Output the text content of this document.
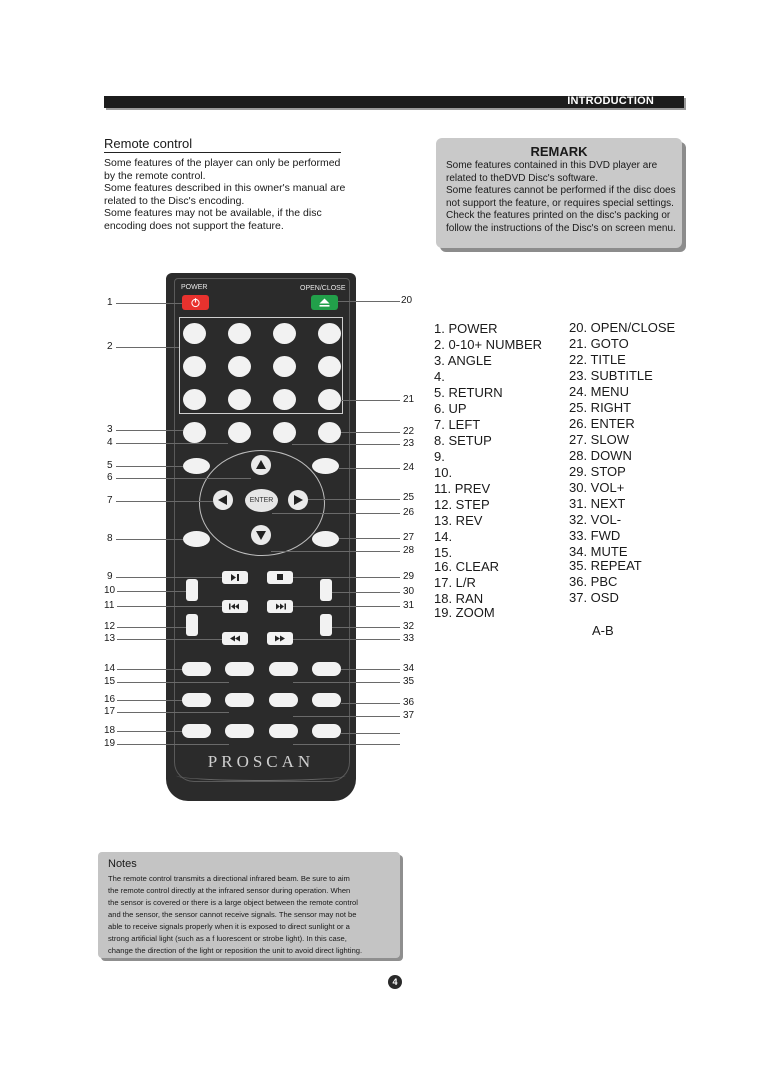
INTRODUCTION
Remote control
Some features of the player can only be performed
by the remote control.
Some features described in this owner's manual are
related to the Disc's encoding.
Some features may not be available, if the disc
encoding does not support the feature.
REMARK
Some features contained in this DVD player are
related to theDVD Disc's software.
Some features cannot be performed if the disc does
not support the feature, or requires special settings.
Check the features printed on the disc's packing or
follow the instructions of the Disc's on screen menu.
POWER	OPEN/CLOSE
ENTER
PROSCAN
1
2
3
4
5
6
7
8
9
10
11
12
13
14
15
16
17
18
19
20
21
22
23
24
25
26
27
28
29
30
31
32
33
34
35
36
37
1. POWER
2. 0-10+ NUMBER
3. ANGLE
4.
5. RETURN
6. UP
7. LEFT
8. SETUP
9.
10.
11. PREV
12. STEP
13. REV
14.
15.
16. CLEAR
17. L/R
18. RAN
19. ZOOM
20. OPEN/CLOSE
21. GOTO
22. TITLE
23. SUBTITLE
24. MENU
25. RIGHT
26. ENTER
27. SLOW
28. DOWN
29. STOP
30. VOL+
31. NEXT
32. VOL-
33. FWD
34. MUTE
35. REPEAT
36. PBC
37. OSD
A-B
Notes
The remote control transmits a directional infrared beam. Be sure to aim
the remote control directly at the infrared sensor during operation. When
the sensor is covered or there is a large object between the remote control
and the sensor, the sensor cannot receive signals. The sensor may not be
able to receive signals properly when it is exposed to direct sunlight or a
strong artificial light (such as a f luorescent or strobe light). In this case,
change the direction of the light or reposition the unit to avoid direct lighting.
4
